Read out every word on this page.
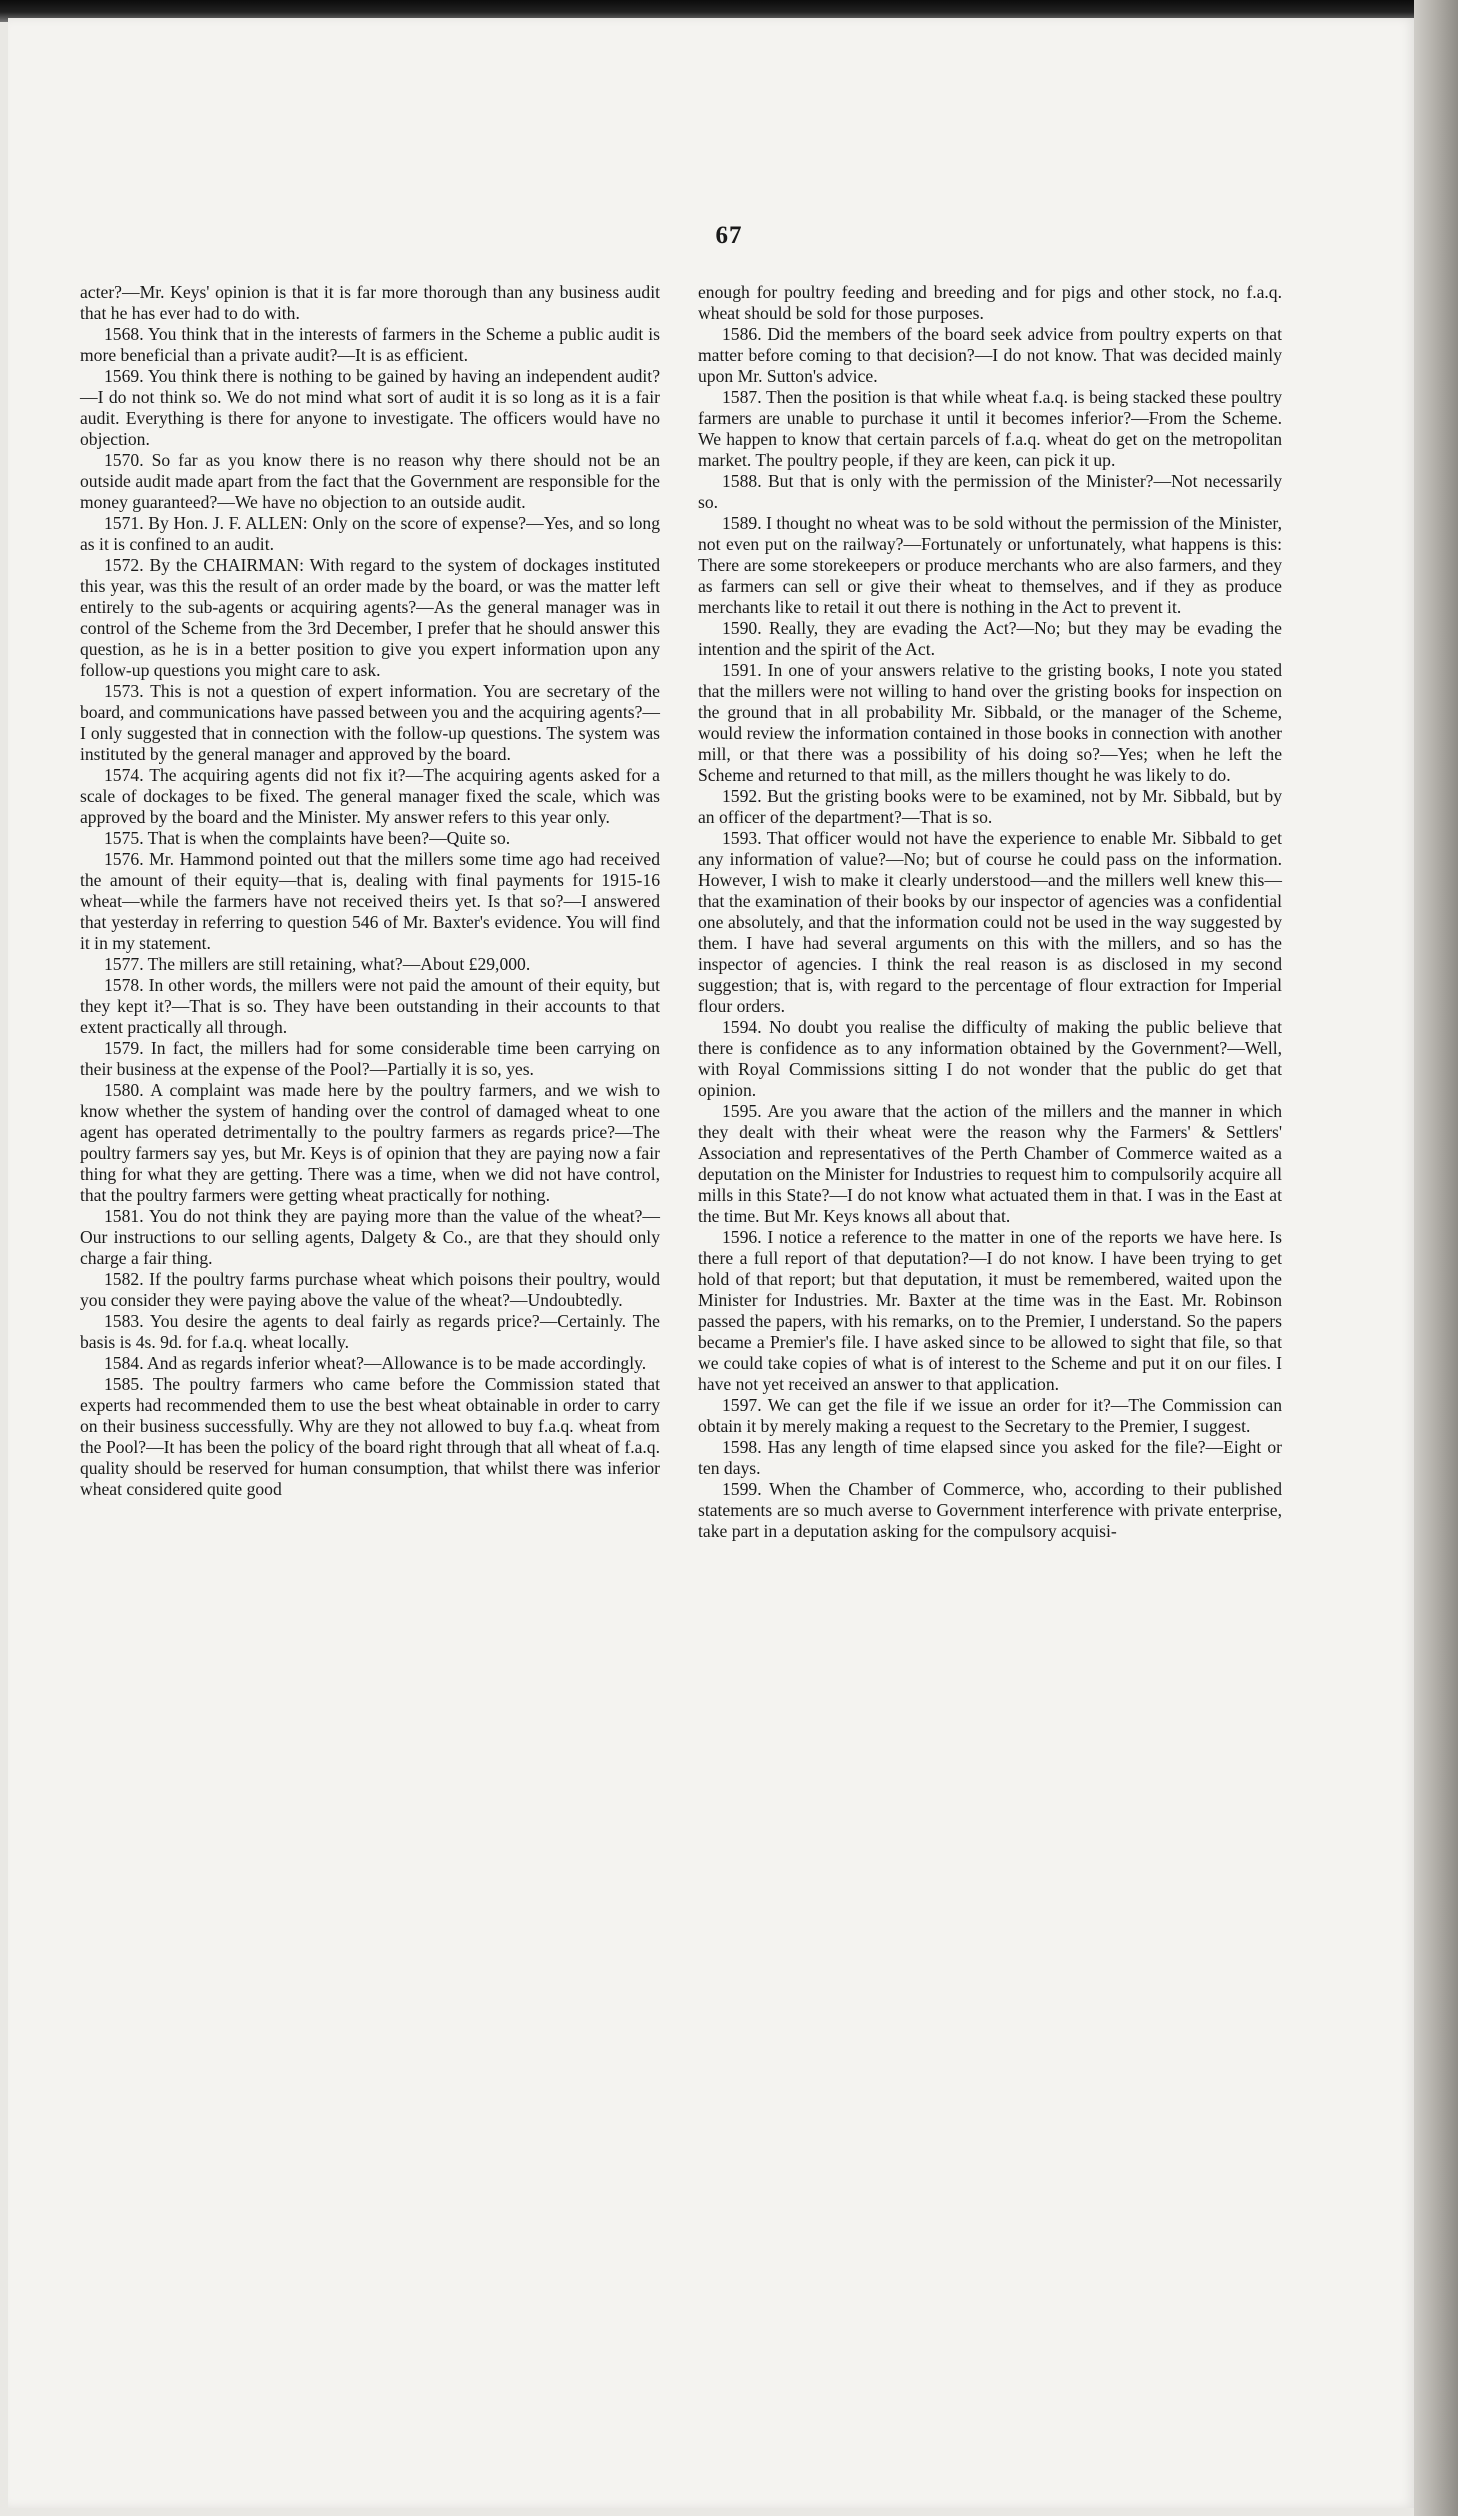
67

acter?—Mr. Keys' opinion is that it is far more thorough than any business audit that he has ever had to do with.

1568. You think that in the interests of farmers in the Scheme a public audit is more beneficial than a private audit?—It is as efficient.

1569. You think there is nothing to be gained by having an independent audit?—I do not think so. We do not mind what sort of audit it is so long as it is a fair audit. Everything is there for anyone to investigate. The officers would have no objection.

1570. So far as you know there is no reason why there should not be an outside audit made apart from the fact that the Government are responsible for the money guaranteed?—We have no objection to an outside audit.

1571. By Hon. J. F. ALLEN: Only on the score of expense?—Yes, and so long as it is confined to an audit.

1572. By the CHAIRMAN: With regard to the system of dockages instituted this year, was this the result of an order made by the board, or was the matter left entirely to the sub-agents or acquiring agents?—As the general manager was in control of the Scheme from the 3rd December, I prefer that he should answer this question, as he is in a better position to give you expert information upon any follow-up questions you might care to ask.

1573. This is not a question of expert information. You are secretary of the board, and communications have passed between you and the acquiring agents?—I only suggested that in connection with the follow-up questions. The system was instituted by the general manager and approved by the board.

1574. The acquiring agents did not fix it?—The acquiring agents asked for a scale of dockages to be fixed. The general manager fixed the scale, which was approved by the board and the Minister. My answer refers to this year only.

1575. That is when the complaints have been?—Quite so.

1576. Mr. Hammond pointed out that the millers some time ago had received the amount of their equity—that is, dealing with final payments for 1915-16 wheat—while the farmers have not received theirs yet. Is that so?—I answered that yesterday in referring to question 546 of Mr. Baxter's evidence. You will find it in my statement.

1577. The millers are still retaining, what?—About £29,000.

1578. In other words, the millers were not paid the amount of their equity, but they kept it?—That is so. They have been outstanding in their accounts to that extent practically all through.

1579. In fact, the millers had for some considerable time been carrying on their business at the expense of the Pool?—Partially it is so, yes.

1580. A complaint was made here by the poultry farmers, and we wish to know whether the system of handing over the control of damaged wheat to one agent has operated detrimentally to the poultry farmers as regards price?—The poultry farmers say yes, but Mr. Keys is of opinion that they are paying now a fair thing for what they are getting. There was a time, when we did not have control, that the poultry farmers were getting wheat practically for nothing.

1581. You do not think they are paying more than the value of the wheat?—Our instructions to our selling agents, Dalgety & Co., are that they should only charge a fair thing.

1582. If the poultry farms purchase wheat which poisons their poultry, would you consider they were paying above the value of the wheat?—Undoubtedly.

1583. You desire the agents to deal fairly as regards price?—Certainly. The basis is 4s. 9d. for f.a.q. wheat locally.

1584. And as regards inferior wheat?—Allowance is to be made accordingly.

1585. The poultry farmers who came before the Commission stated that experts had recommended them to use the best wheat obtainable in order to carry on their business successfully. Why are they not allowed to buy f.a.q. wheat from the Pool?—It has been the policy of the board right through that all wheat of f.a.q. quality should be reserved for human consumption, that whilst there was inferior wheat considered quite good

enough for poultry feeding and breeding and for pigs and other stock, no f.a.q. wheat should be sold for those purposes.

1586. Did the members of the board seek advice from poultry experts on that matter before coming to that decision?—I do not know. That was decided mainly upon Mr. Sutton's advice.

1587. Then the position is that while wheat f.a.q. is being stacked these poultry farmers are unable to purchase it until it becomes inferior?—From the Scheme. We happen to know that certain parcels of f.a.q. wheat do get on the metropolitan market. The poultry people, if they are keen, can pick it up.

1588. But that is only with the permission of the Minister?—Not necessarily so.

1589. I thought no wheat was to be sold without the permission of the Minister, not even put on the railway?—Fortunately or unfortunately, what happens is this: There are some storekeepers or produce merchants who are also farmers, and they as farmers can sell or give their wheat to themselves, and if they as produce merchants like to retail it out there is nothing in the Act to prevent it.

1590. Really, they are evading the Act?—No; but they may be evading the intention and the spirit of the Act.

1591. In one of your answers relative to the gristing books, I note you stated that the millers were not willing to hand over the gristing books for inspection on the ground that in all probability Mr. Sibbald, or the manager of the Scheme, would review the information contained in those books in connection with another mill, or that there was a possibility of his doing so?—Yes; when he left the Scheme and returned to that mill, as the millers thought he was likely to do.

1592. But the gristing books were to be examined, not by Mr. Sibbald, but by an officer of the department?—That is so.

1593. That officer would not have the experience to enable Mr. Sibbald to get any information of value?—No; but of course he could pass on the information. However, I wish to make it clearly understood—and the millers well knew this—that the examination of their books by our inspector of agencies was a confidential one absolutely, and that the information could not be used in the way suggested by them. I have had several arguments on this with the millers, and so has the inspector of agencies. I think the real reason is as disclosed in my second suggestion; that is, with regard to the percentage of flour extraction for Imperial flour orders.

1594. No doubt you realise the difficulty of making the public believe that there is confidence as to any information obtained by the Government?—Well, with Royal Commissions sitting I do not wonder that the public do get that opinion.

1595. Are you aware that the action of the millers and the manner in which they dealt with their wheat were the reason why the Farmers' & Settlers' Association and representatives of the Perth Chamber of Commerce waited as a deputation on the Minister for Industries to request him to compulsorily acquire all mills in this State?—I do not know what actuated them in that. I was in the East at the time. But Mr. Keys knows all about that.

1596. I notice a reference to the matter in one of the reports we have here. Is there a full report of that deputation?—I do not know. I have been trying to get hold of that report; but that deputation, it must be remembered, waited upon the Minister for Industries. Mr. Baxter at the time was in the East. Mr. Robinson passed the papers, with his remarks, on to the Premier, I understand. So the papers became a Premier's file. I have asked since to be allowed to sight that file, so that we could take copies of what is of interest to the Scheme and put it on our files. I have not yet received an answer to that application.

1597. We can get the file if we issue an order for it?—The Commission can obtain it by merely making a request to the Secretary to the Premier, I suggest.

1598. Has any length of time elapsed since you asked for the file?—Eight or ten days.

1599. When the Chamber of Commerce, who, according to their published statements are so much averse to Government interference with private enterprise, take part in a deputation asking for the compulsory acquisi-
